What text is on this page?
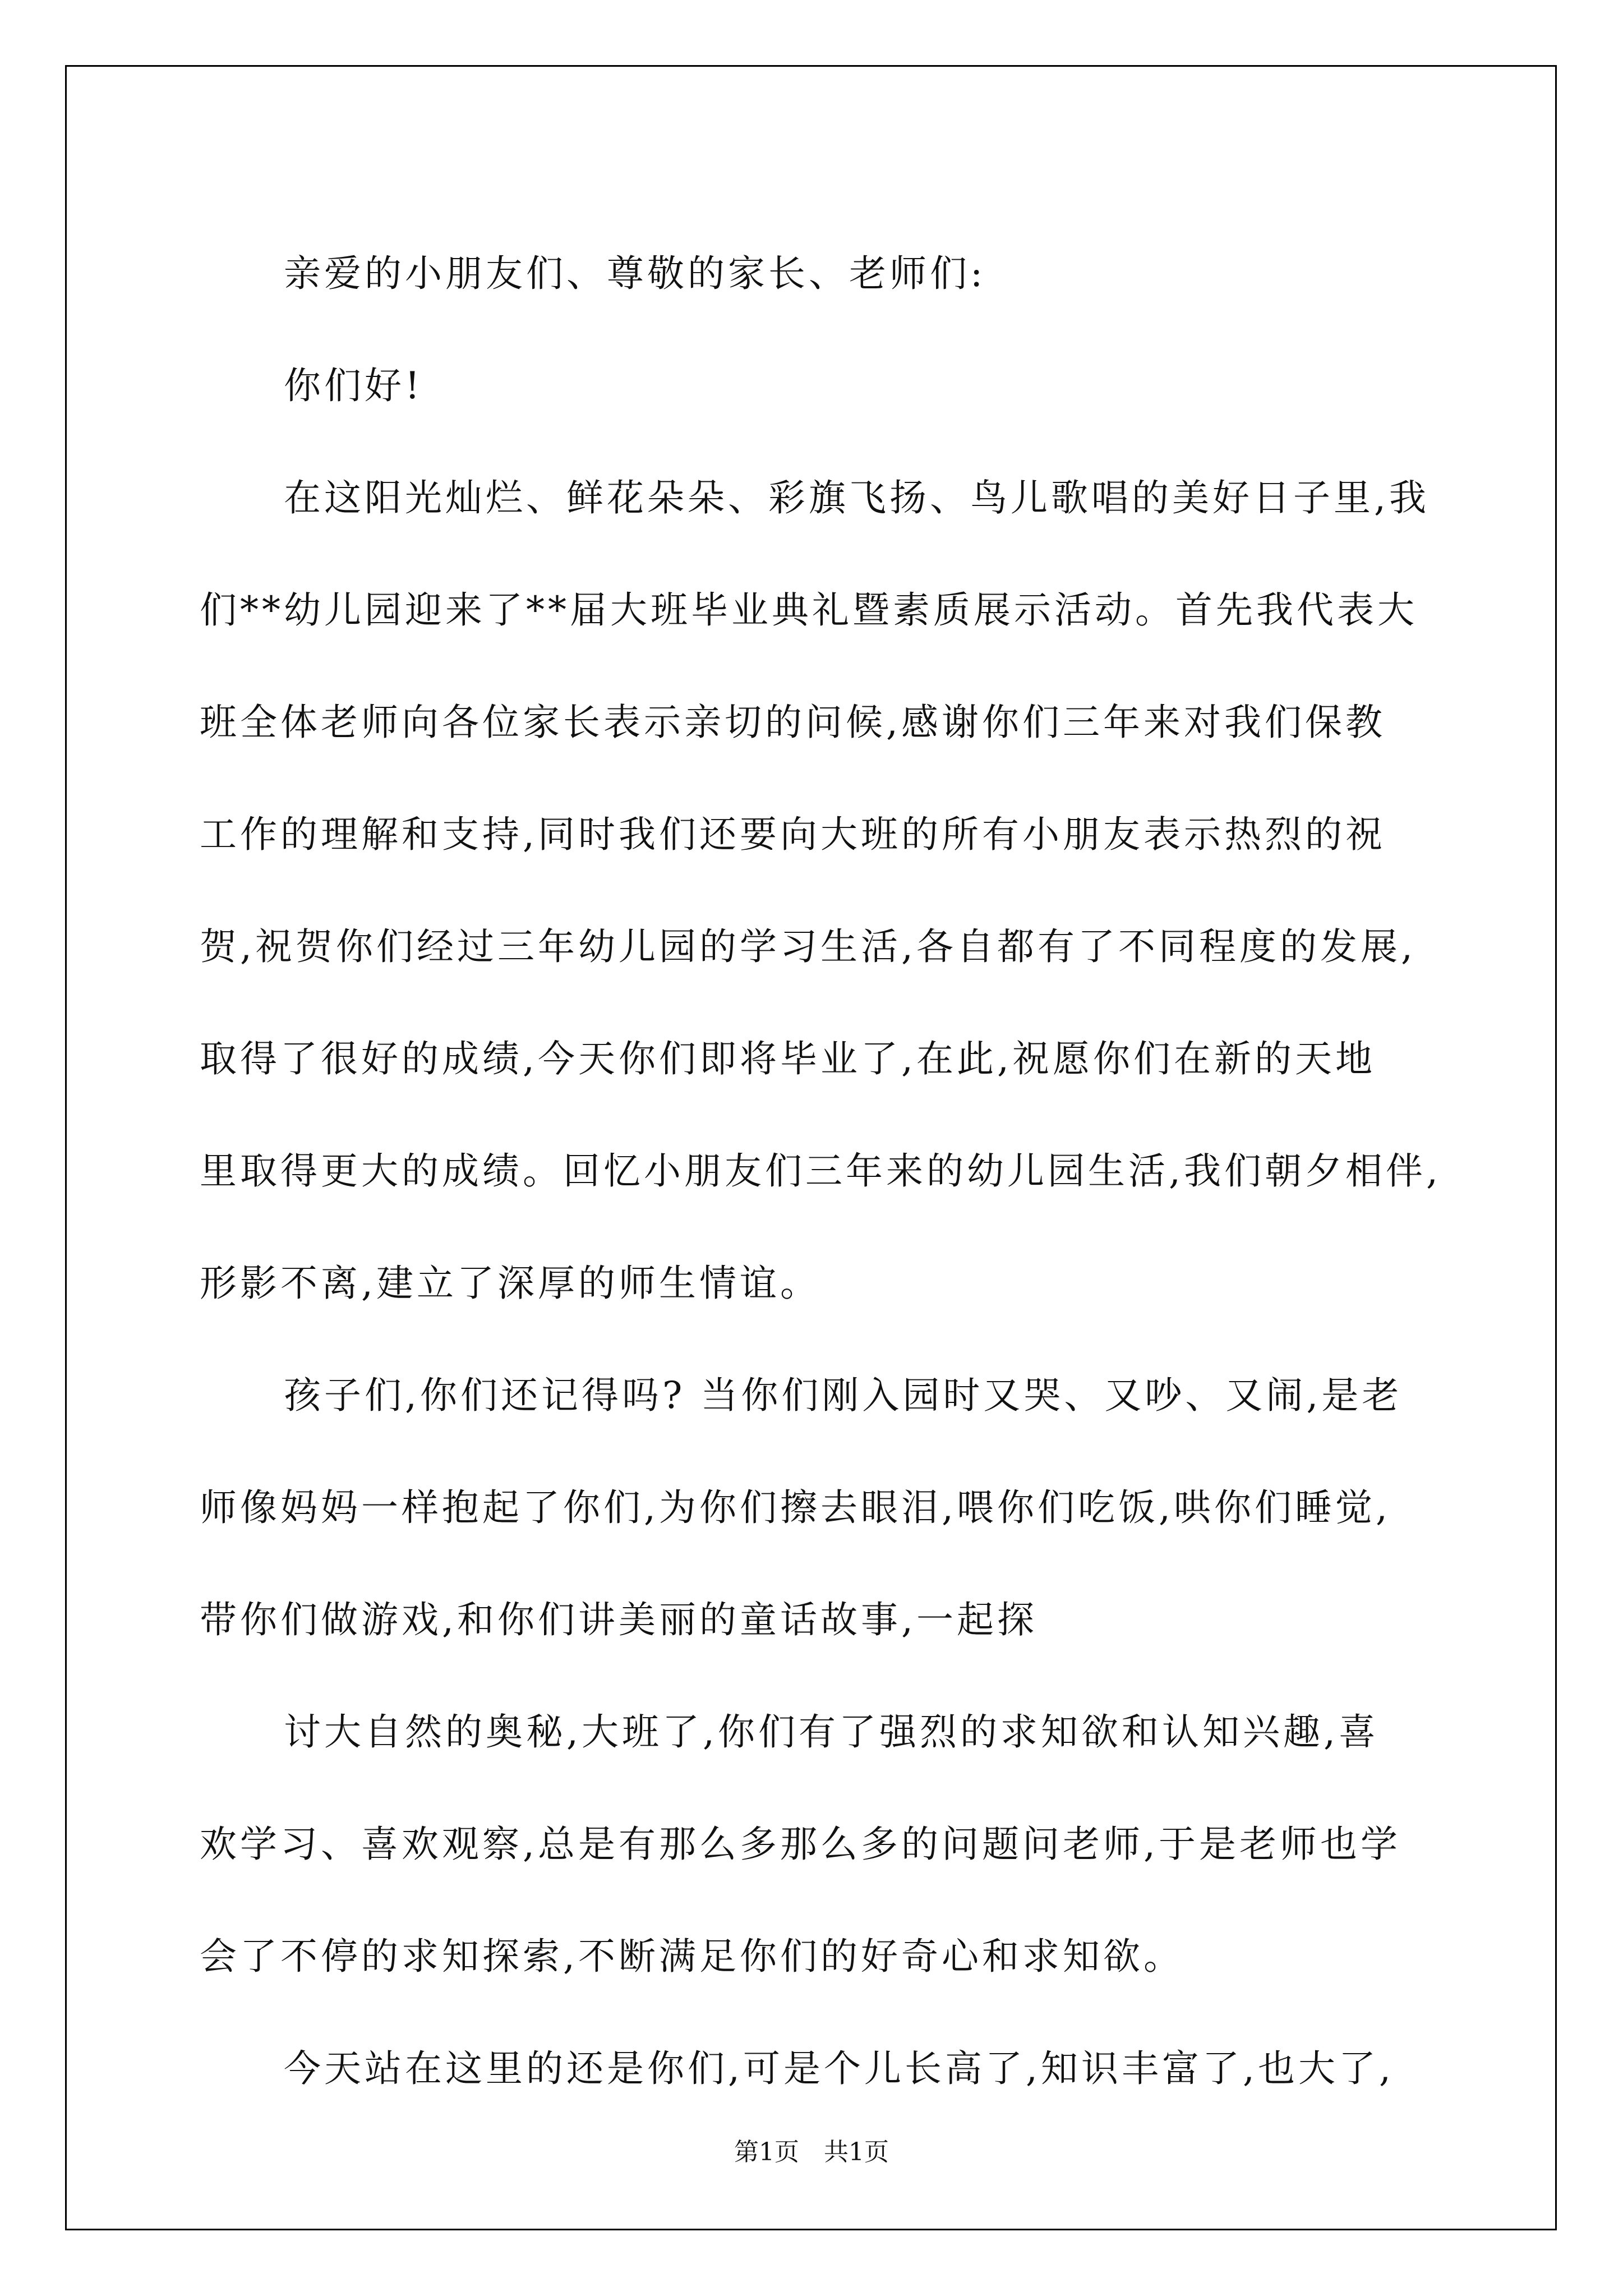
亲爱的小朋友们、尊敬的家长、老师们:
你们好!
在这阳光灿烂、鲜花朵朵、彩旗飞扬、鸟儿歌唱的美好日子里,我
们**幼儿园迎来了**届大班毕业典礼暨素质展示活动。首先我代表大
班全体老师向各位家长表示亲切的问候,感谢你们三年来对我们保教
工作的理解和支持,同时我们还要向大班的所有小朋友表示热烈的祝
贺,祝贺你们经过三年幼儿园的学习生活,各自都有了不同程度的发展,
取得了很好的成绩,今天你们即将毕业了,在此,祝愿你们在新的天地
里取得更大的成绩。回忆小朋友们三年来的幼儿园生活,我们朝夕相伴,
形影不离,建立了深厚的师生情谊。
孩子们,你们还记得吗? 当你们刚入园时又哭、又吵、又闹,是老
师像妈妈一样抱起了你们,为你们擦去眼泪,喂你们吃饭,哄你们睡觉,
带你们做游戏,和你们讲美丽的童话故事,一起探
讨大自然的奥秘,大班了,你们有了强烈的求知欲和认知兴趣,喜
欢学习、喜欢观察,总是有那么多那么多的问题问老师,于是老师也学
会了不停的求知探索,不断满足你们的好奇心和求知欲。
今天站在这里的还是你们,可是个儿长高了,知识丰富了,也大了,
第1页　共1页
